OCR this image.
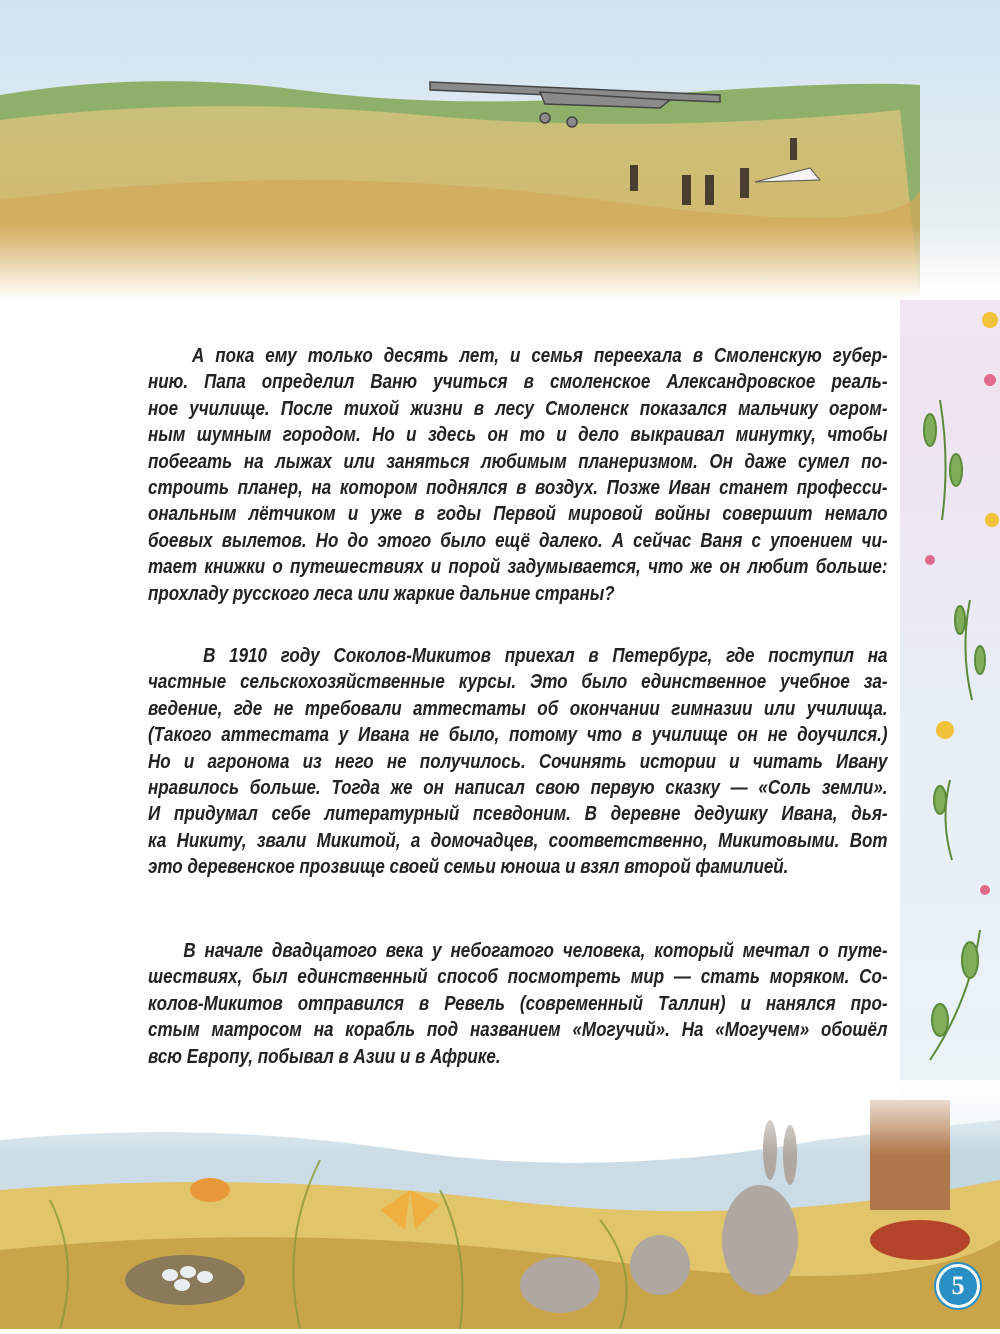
А пока ему только десять лет, и семья переехала в Смоленскую губер-
нию. Папа определил Ваню учиться в смоленское Александровское реаль-
ное училище. После тихой жизни в лесу Смоленск показался мальчику огром-
ным шумным городом. Но и здесь он то и дело выкраивал минутку, чтобы
побегать на лыжах или заняться любимым планеризмом. Он даже сумел по-
строить планер, на котором поднялся в воздух. Позже Иван станет професси-
ональным лётчиком и уже в годы Первой мировой войны совершит немало
боевых вылетов. Но до этого было ещё далеко. А сейчас Ваня с упоением чи-
тает книжки о путешествиях и порой задумывается, что же он любит больше:
прохладу русского леса или жаркие дальние страны?
В 1910 году Соколов-Микитов приехал в Петербург, где поступил на
частные сельскохозяйственные курсы. Это было единственное учебное за-
ведение, где не требовали аттестаты об окончании гимназии или училища.
(Такого аттестата у Ивана не было, потому что в училище он не доучился.)
Но и агронома из него не получилось. Сочинять истории и читать Ивану
нравилось больше. Тогда же он написал свою первую сказку — «Соль земли».
И придумал себе литературный псевдоним. В деревне дедушку Ивана, дья-
ка Никиту, звали Микитой, а домочадцев, соответственно, Микитовыми. Вот
это деревенское прозвище своей семьи юноша и взял второй фамилией.
В начале двадцатого века у небогатого человека, который мечтал о путе-
шествиях, был единственный способ посмотреть мир — стать моряком. Со-
колов-Микитов отправился в Ревель (современный Таллин) и нанялся про-
стым матросом на корабль под названием «Могучий». На «Могучем» обошёл
всю Европу, побывал в Азии и в Африке.
5
